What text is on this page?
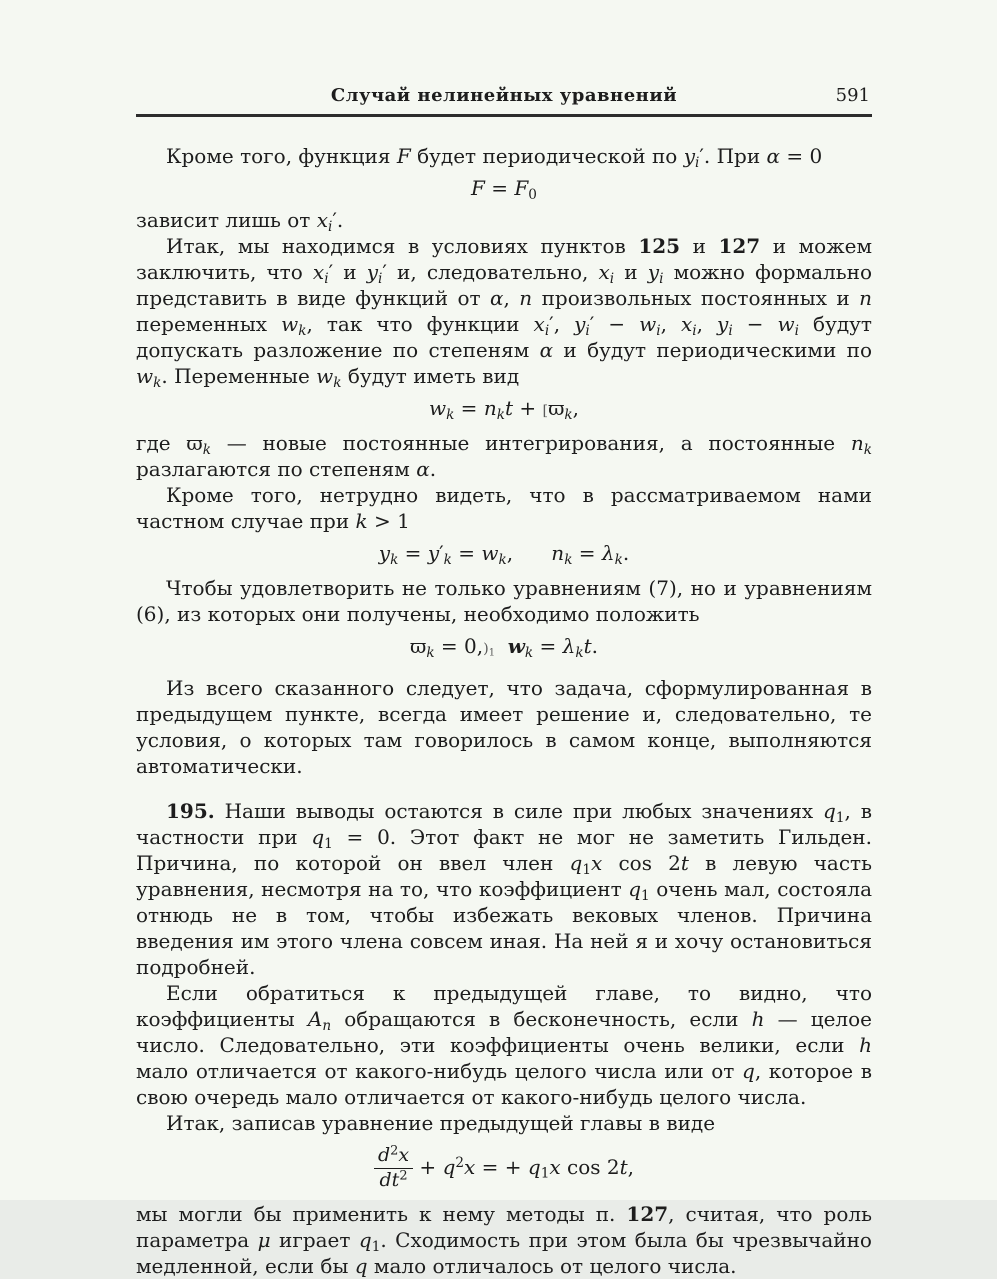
Случай нелинейных уравнений	591

Кроме того, функция F будет периодической по $y_i'$. При α = 0

$F = F_0$

зависит лишь от $x_i'$.

Итак, мы находимся в условиях пунктов 125 и 127 и можем заключить, что $x_i'$ и $y_i'$ и, следовательно, $x_i$ и $y_i$ можно формально представить в виде функций от α, n произвольных постоянных и n переменных $w_k$, так что функции $x_i'$, $y_i' - w_i$, $x_i$, $y_i - w_i$ будут допускать разложение по степеням α и будут периодическими по $w_k$. Переменные $w_k$ будут иметь вид

$w_k = n_kt + [ϖ_k$,

где $ϖ_k$ — новые постоянные интегрирования, а постоянные $n_k$ разлагаются по степеням α.

Кроме того, нетрудно видеть, что в рассматриваемом нами частном случае при k > 1

$y_k = y'_k = w_k$,      $n_k = \lambda_k$.

Чтобы удовлетворить не только уравнениям (7), но и уравнениям (6), из которых они получены, необходимо положить

$ϖ_k = 0,)_1$ $w_k = \lambda_kt$.

Из всего сказанного следует, что задача, сформулированная в предыдущем пункте, всегда имеет решение и, следовательно, те условия, о которых там говорилось в самом конце, выполняются автоматически.

195. Наши выводы остаются в силе при любых значениях $q_1$, в частности при $q_1 = 0$. Этот факт не мог не заметить Гильден. Причина, по которой он ввел член $q_1x$ cos 2t в левую часть уравнения, несмотря на то, что коэффициент $q_1$ очень мал, состояла отнюдь не в том, чтобы избежать вековых членов. Причина введения им этого члена совсем иная. На ней я и хочу остановиться подробней.

Если обратиться к предыдущей главе, то видно, что коэффициенты $A_n$ обращаются в бесконечность, если h — целое число. Следовательно, эти коэффициенты очень велики, если h мало отличается от какого-нибудь целого числа или от q, которое в свою очередь мало отличается от какого-нибудь целого числа.

Итак, записав уравнение предыдущей главы в виде

$\frac{d^2x}{dt^2} + q^2x$ = + $q_1x$ cos 2t,

мы могли бы применить к нему методы п. 127, считая, что роль параметра μ играет $q_1$. Сходимость при этом была бы чрезвычайно медленной, если бы q мало отличалось от целого числа.
